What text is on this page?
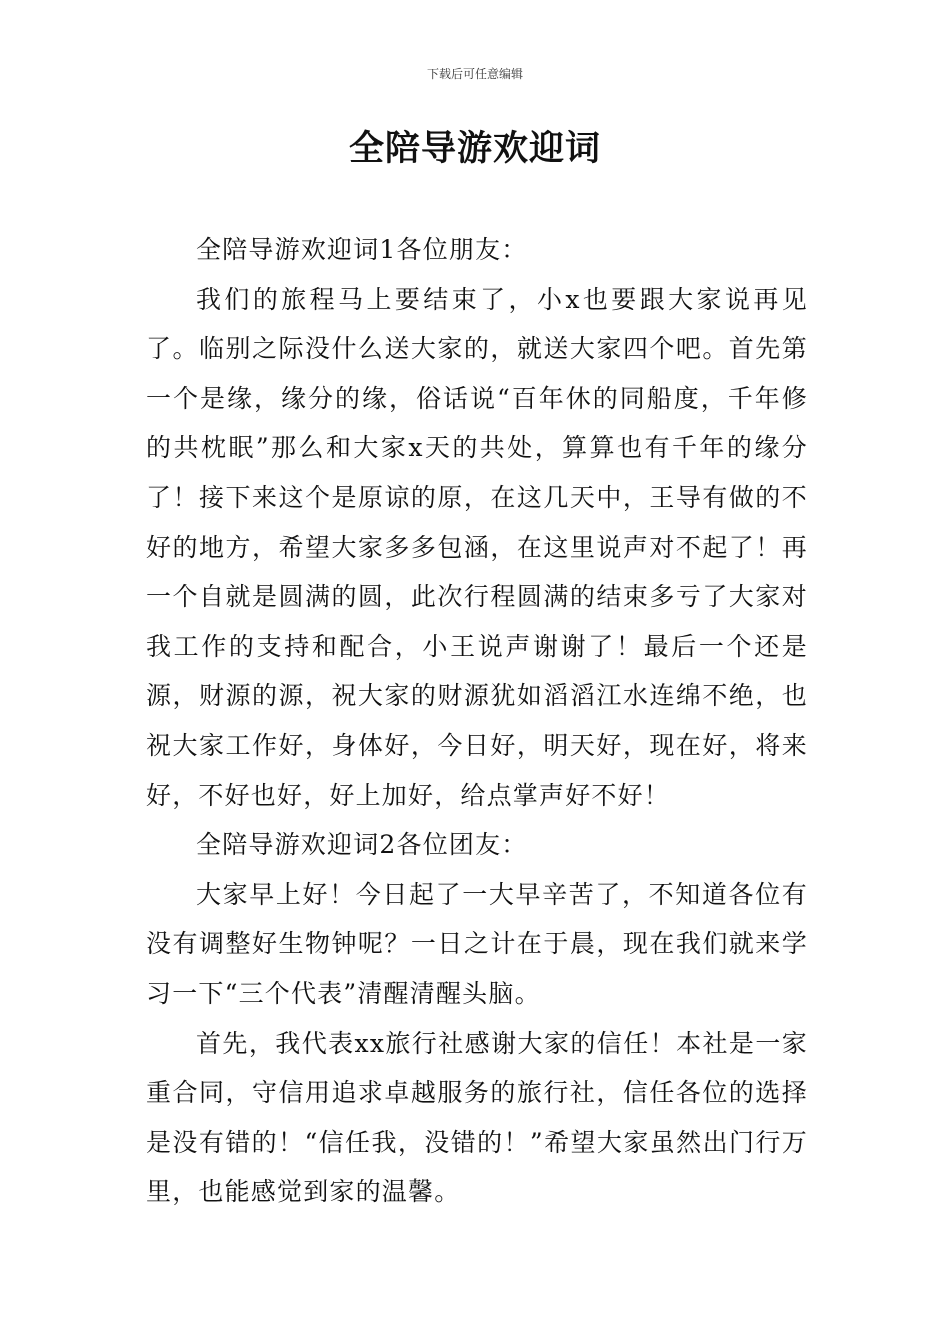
下载后可任意编辑
全陪导游欢迎词

全陪导游欢迎词1各位朋友：

我们的旅程马上要结束了，小x也要跟大家说再见了。临别之际没什么送大家的，就送大家四个吧。首先第一个是缘，缘分的缘，俗话说“百年休的同船度，千年修的共枕眠”那么和大家x天的共处，算算也有千年的缘分了！接下来这个是原谅的原，在这几天中，王导有做的不好的地方，希望大家多多包涵，在这里说声对不起了！再一个自就是圆满的圆，此次行程圆满的结束多亏了大家对我工作的支持和配合，小王说声谢谢了！最后一个还是源，财源的源，祝大家的财源犹如滔滔江水连绵不绝，也祝大家工作好，身体好，今日好，明天好，现在好，将来好，不好也好，好上加好，给点掌声好不好！

全陪导游欢迎词2各位团友：

大家早上好！今日起了一大早辛苦了，不知道各位有没有调整好生物钟呢？一日之计在于晨，现在我们就来学习一下“三个代表”清醒清醒头脑。

首先，我代表xx旅行社感谢大家的信任！本社是一家重合同，守信用追求卓越服务的旅行社，信任各位的选择是没有错的！“信任我，没错的！”希望大家虽然出门行万里，也能感觉到家的温馨。
